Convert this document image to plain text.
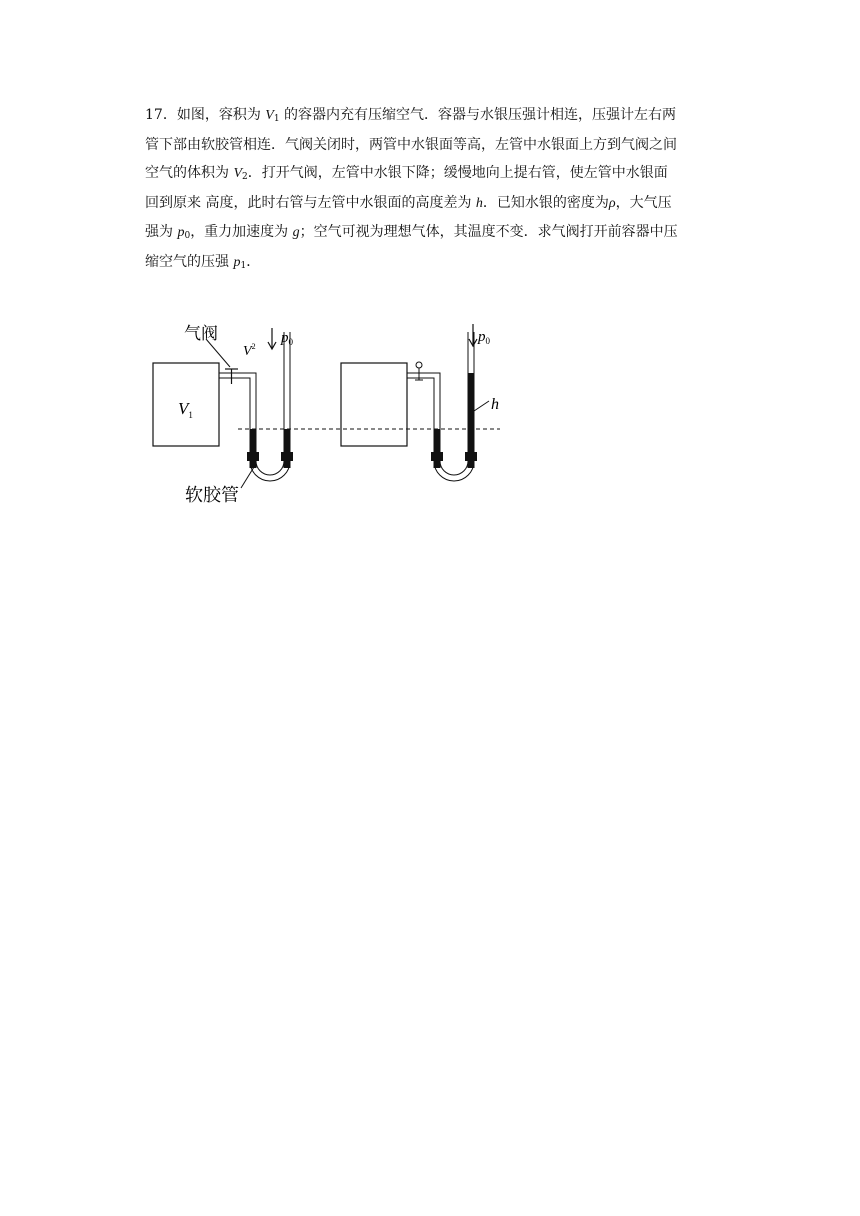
17．如图，容积为 $V_1$ 的容器内充有压缩空气．容器与水银压强计相连，压强计左右两

管下部由软胶管相连．气阀关闭时，两管中水银面等高，左管中水银面上方到气阀之间

空气的体积为 $V_2$．打开气阀，左管中水银下降；缓慢地向上提右管，使左管中水银面

回到原来 高度，此时右管与左管中水银面的高度差为 h．已知水银的密度为ρ，大气压

强为 $p_0$，重力加速度为 g；空气可视为理想气体，其温度不变．求气阀打开前容器中压

缩空气的压强 $p_1$．

$V_1$
气阀
$V^2$
$p_0$
软胶管
$p_0$
h
